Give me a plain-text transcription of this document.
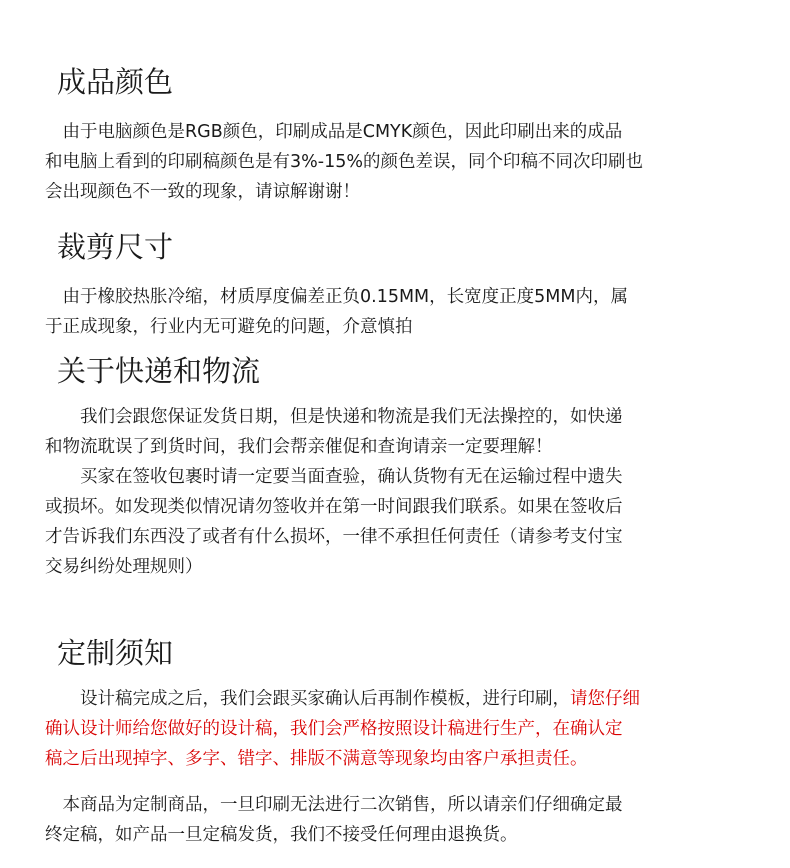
成品颜色
　由于电脑颜色是RGB颜色，印刷成品是CMYK颜色，因此印刷出来的成品
和电脑上看到的印刷稿颜色是有3%-15%的颜色差误，同个印稿不同次印刷也
会出现颜色不一致的现象，请谅解谢谢！
裁剪尺寸
　由于橡胶热胀冷缩，材质厚度偏差正负0.15MM，长宽度正度5MM内，属
于正成现象，行业内无可避免的问题，介意慎拍
关于快递和物流
　　我们会跟您保证发货日期，但是快递和物流是我们无法操控的，如快递
和物流耽误了到货时间，我们会帮亲催促和查询请亲一定要理解！
　　买家在签收包裹时请一定要当面查验，确认货物有无在运输过程中遗失
或损坏。如发现类似情况请勿签收并在第一时间跟我们联系。如果在签收后
才告诉我们东西没了或者有什么损坏，一律不承担任何责任（请参考支付宝
交易纠纷处理规则）
定制须知
　　设计稿完成之后，我们会跟买家确认后再制作模板，进行印刷，请您仔细
确认设计师给您做好的设计稿，我们会严格按照设计稿进行生产，在确认定
稿之后出现掉字、多字、错字、排版不满意等现象均由客户承担责任。
　本商品为定制商品，一旦印刷无法进行二次销售，所以请亲们仔细确定最
终定稿，如产品一旦定稿发货，我们不接受任何理由退换货。
